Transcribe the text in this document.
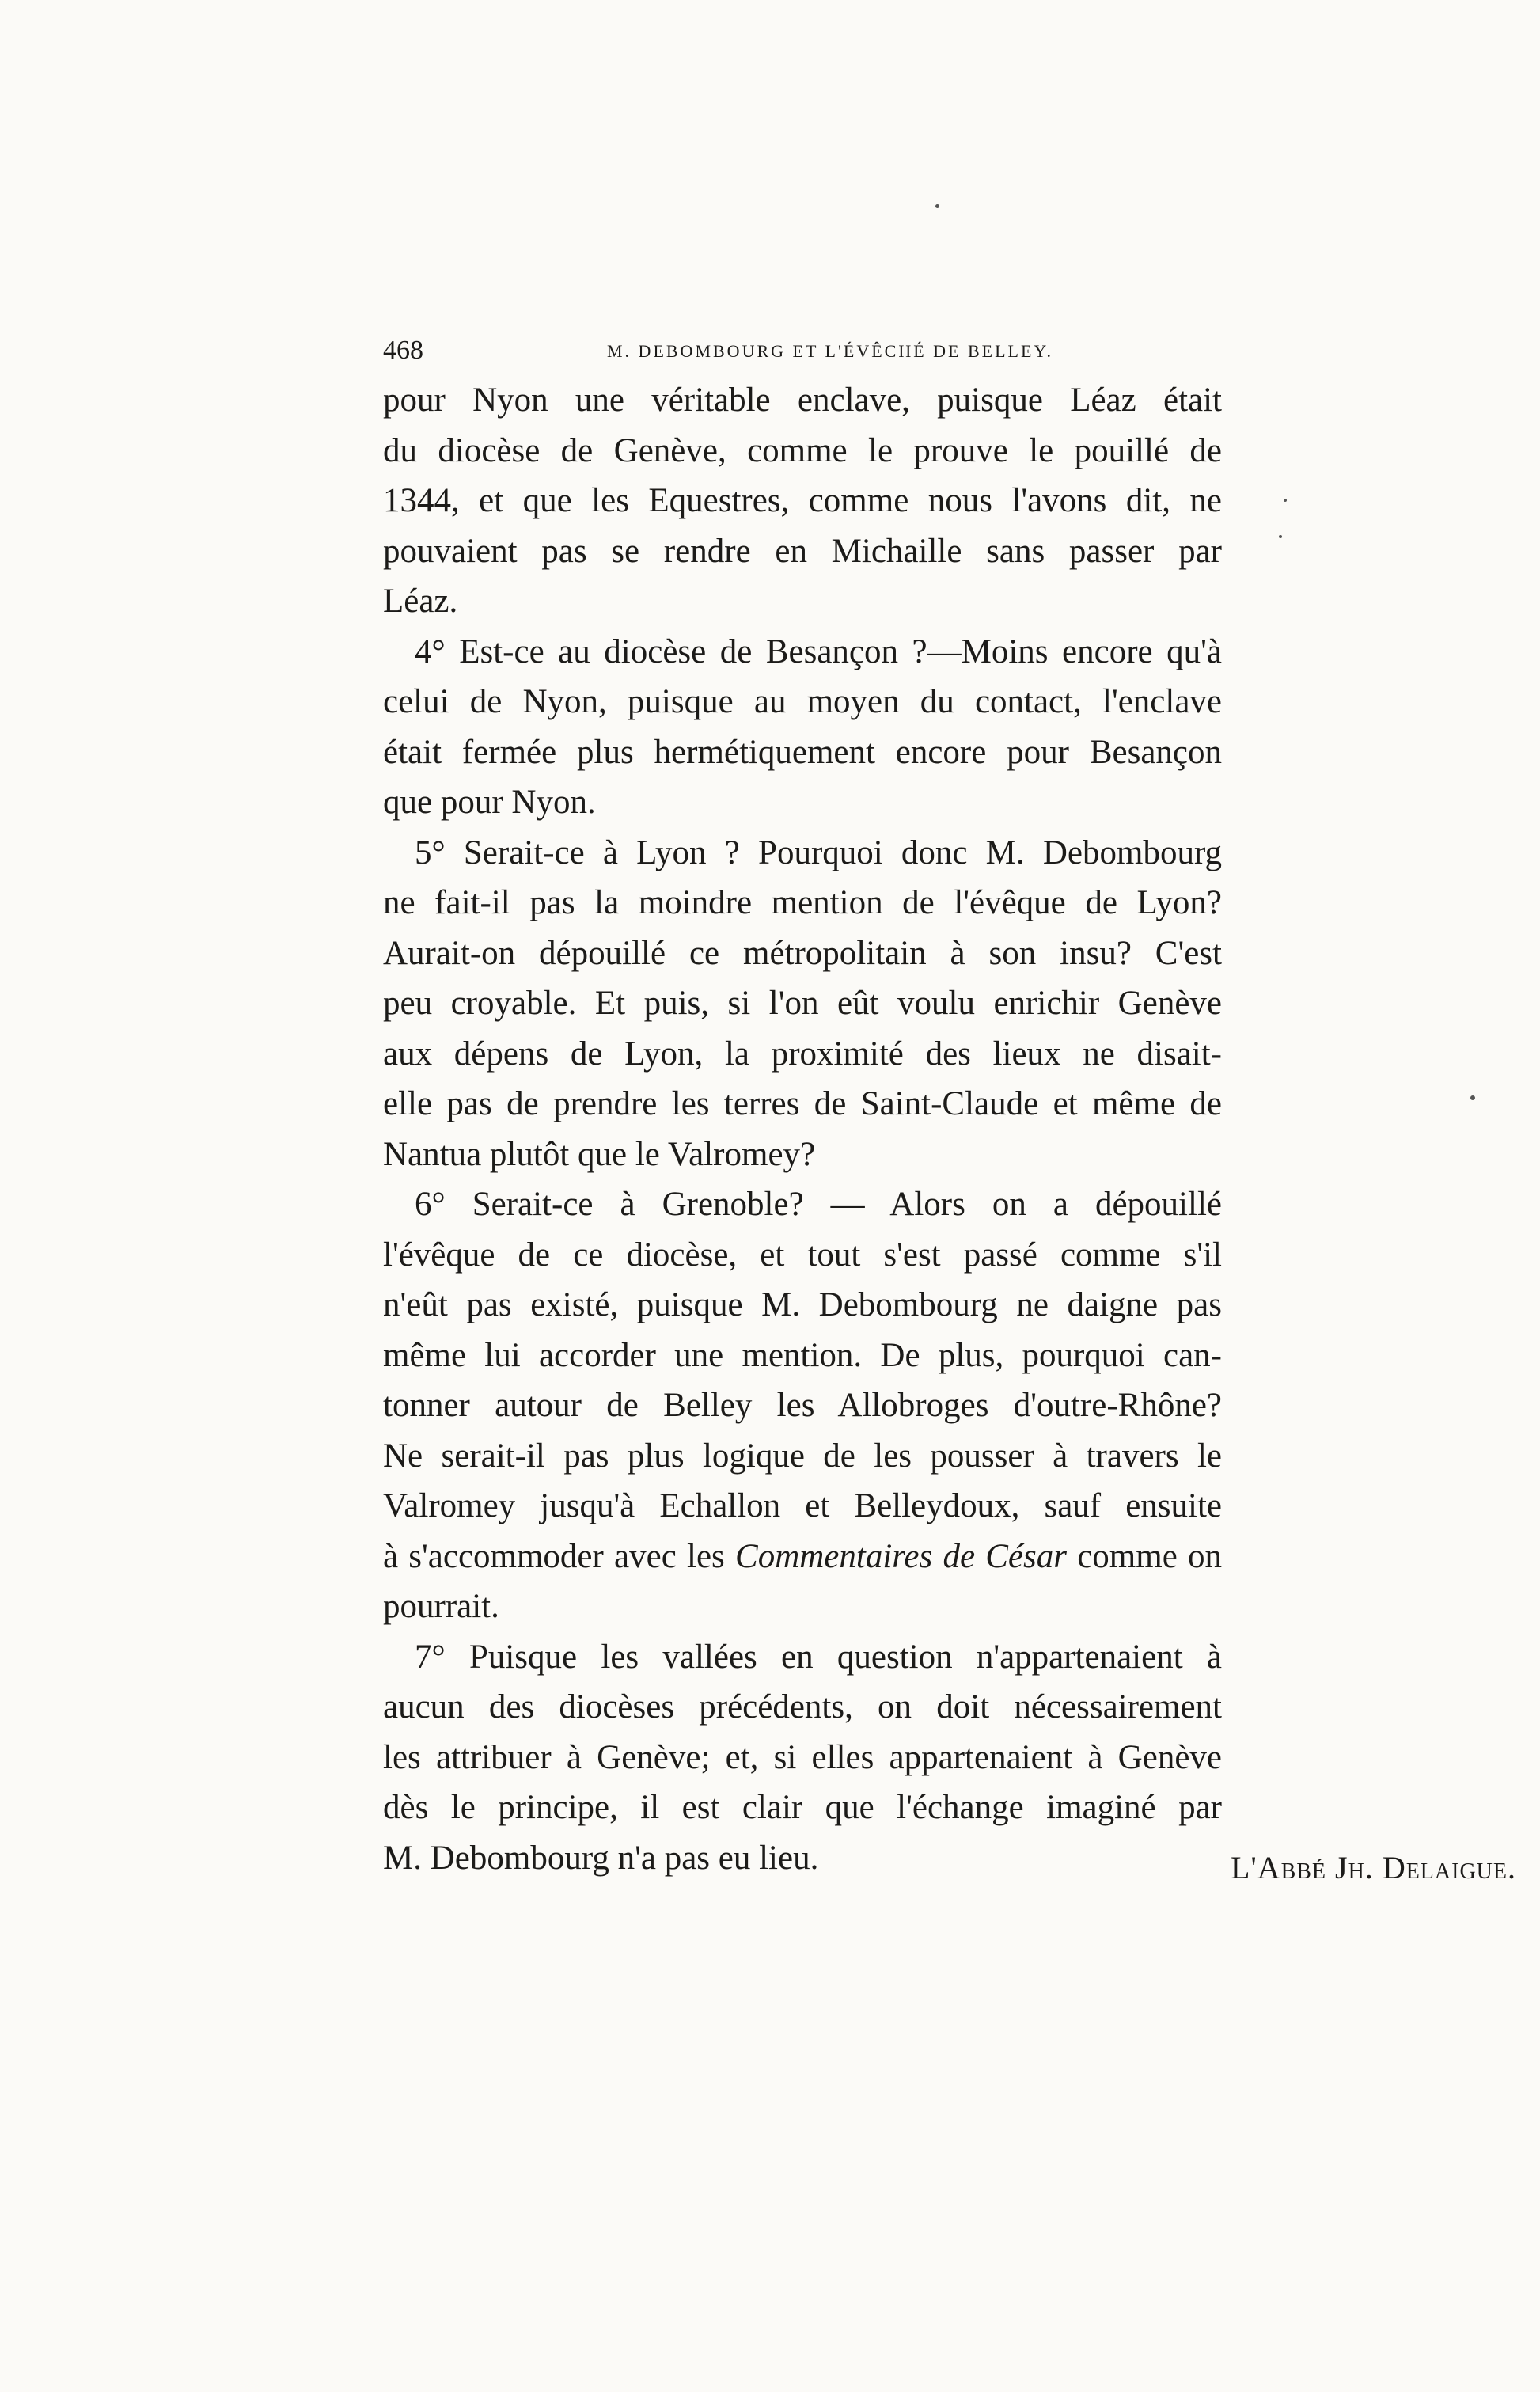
468	M. DEBOMBOURG ET L'ÉVÊCHÉ DE BELLEY.
pour Nyon une véritable enclave, puisque Léaz était
du diocèse de Genève, comme le prouve le pouillé de
1344, et que les Equestres, comme nous l'avons dit, ne
pouvaient pas se rendre en Michaille sans passer par
Léaz.
4° Est-ce au diocèse de Besançon ?—Moins encore qu'à
celui de Nyon, puisque au moyen du contact, l'enclave
était fermée plus hermétiquement encore pour Besançon
que pour Nyon.
5° Serait-ce à Lyon ? Pourquoi donc M. Debombourg
ne fait-il pas la moindre mention de l'évêque de Lyon?
Aurait-on dépouillé ce métropolitain à son insu? C'est
peu croyable. Et puis, si l'on eût voulu enrichir Genève
aux dépens de Lyon, la proximité des lieux ne disait-
elle pas de prendre les terres de Saint-Claude et même de
Nantua plutôt que le Valromey?
6° Serait-ce à Grenoble? — Alors on a dépouillé
l'évêque de ce diocèse, et tout s'est passé comme s'il
n'eût pas existé, puisque M. Debombourg ne daigne pas
même lui accorder une mention. De plus, pourquoi can-
tonner autour de Belley les Allobroges d'outre-Rhône?
Ne serait-il pas plus logique de les pousser à travers le
Valromey jusqu'à Echallon et Belleydoux, sauf ensuite
à s'accommoder avec les Commentaires de César comme on
pourrait.
7° Puisque les vallées en question n'appartenaient à
aucun des diocèses précédents, on doit nécessairement
les attribuer à Genève; et, si elles appartenaient à Genève
dès le principe, il est clair que l'échange imaginé par
M. Debombourg n'a pas eu lieu.	L'Abbé Jh. Delaigue.
